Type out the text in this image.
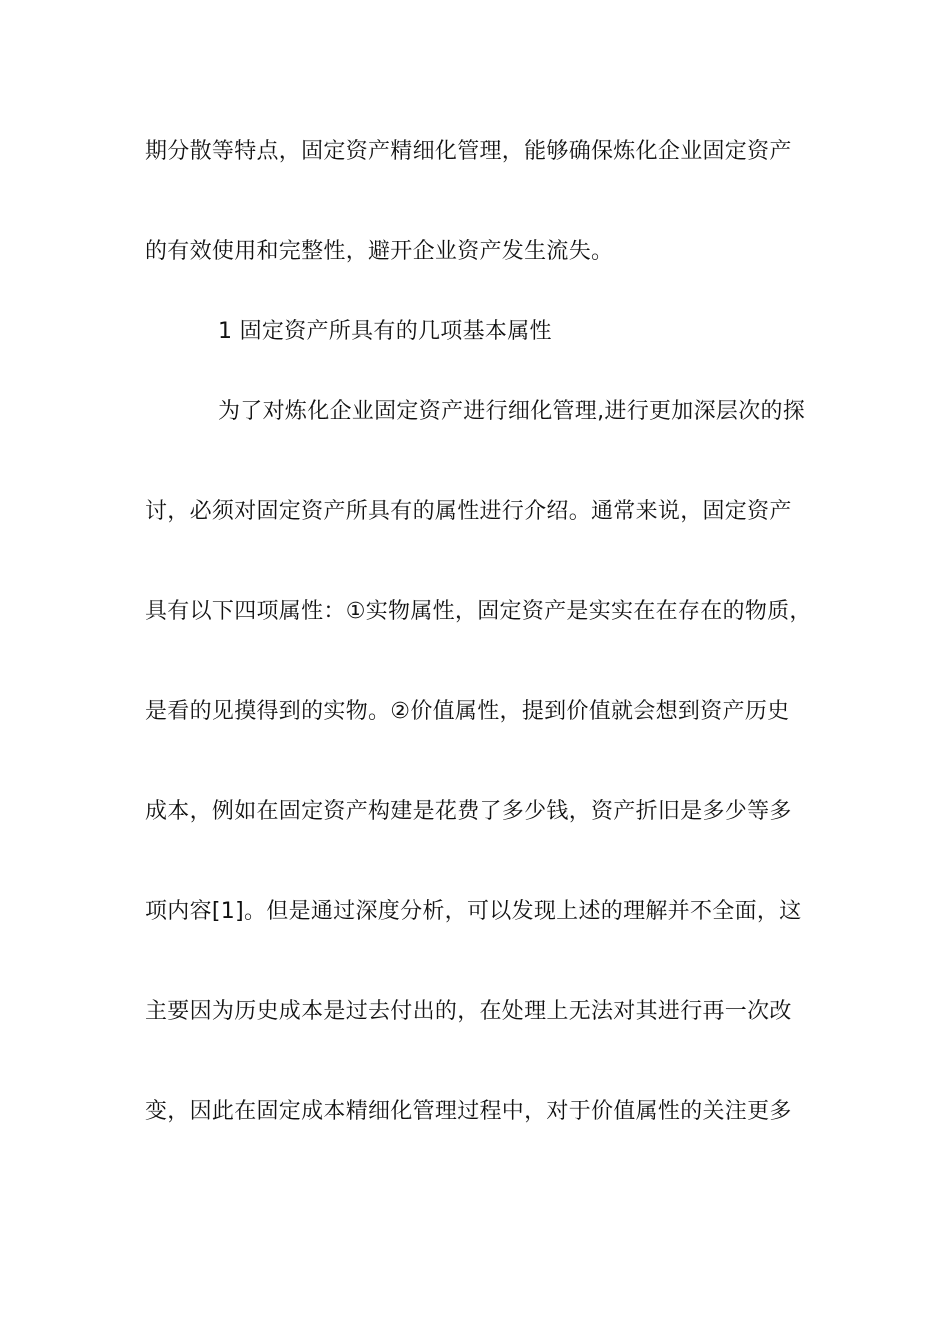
期分散等特点，固定资产精细化管理，能够确保炼化企业固定资产
的有效使用和完整性，避开企业资产发生流失。
1 固定资产所具有的几项基本属性
为了对炼化企业固定资产进行细化管理,进行更加深层次的探
讨，必须对固定资产所具有的属性进行介绍。通常来说，固定资产
具有以下四项属性：①实物属性，固定资产是实实在在存在的物质，
是看的见摸得到的实物。②价值属性，提到价值就会想到资产历史
成本，例如在固定资产构建是花费了多少钱，资产折旧是多少等多
项内容[1]。但是通过深度分析，可以发现上述的理解并不全面，这
主要因为历史成本是过去付出的，在处理上无法对其进行再一次改
变，因此在固定成本精细化管理过程中，对于价值属性的关注更多
